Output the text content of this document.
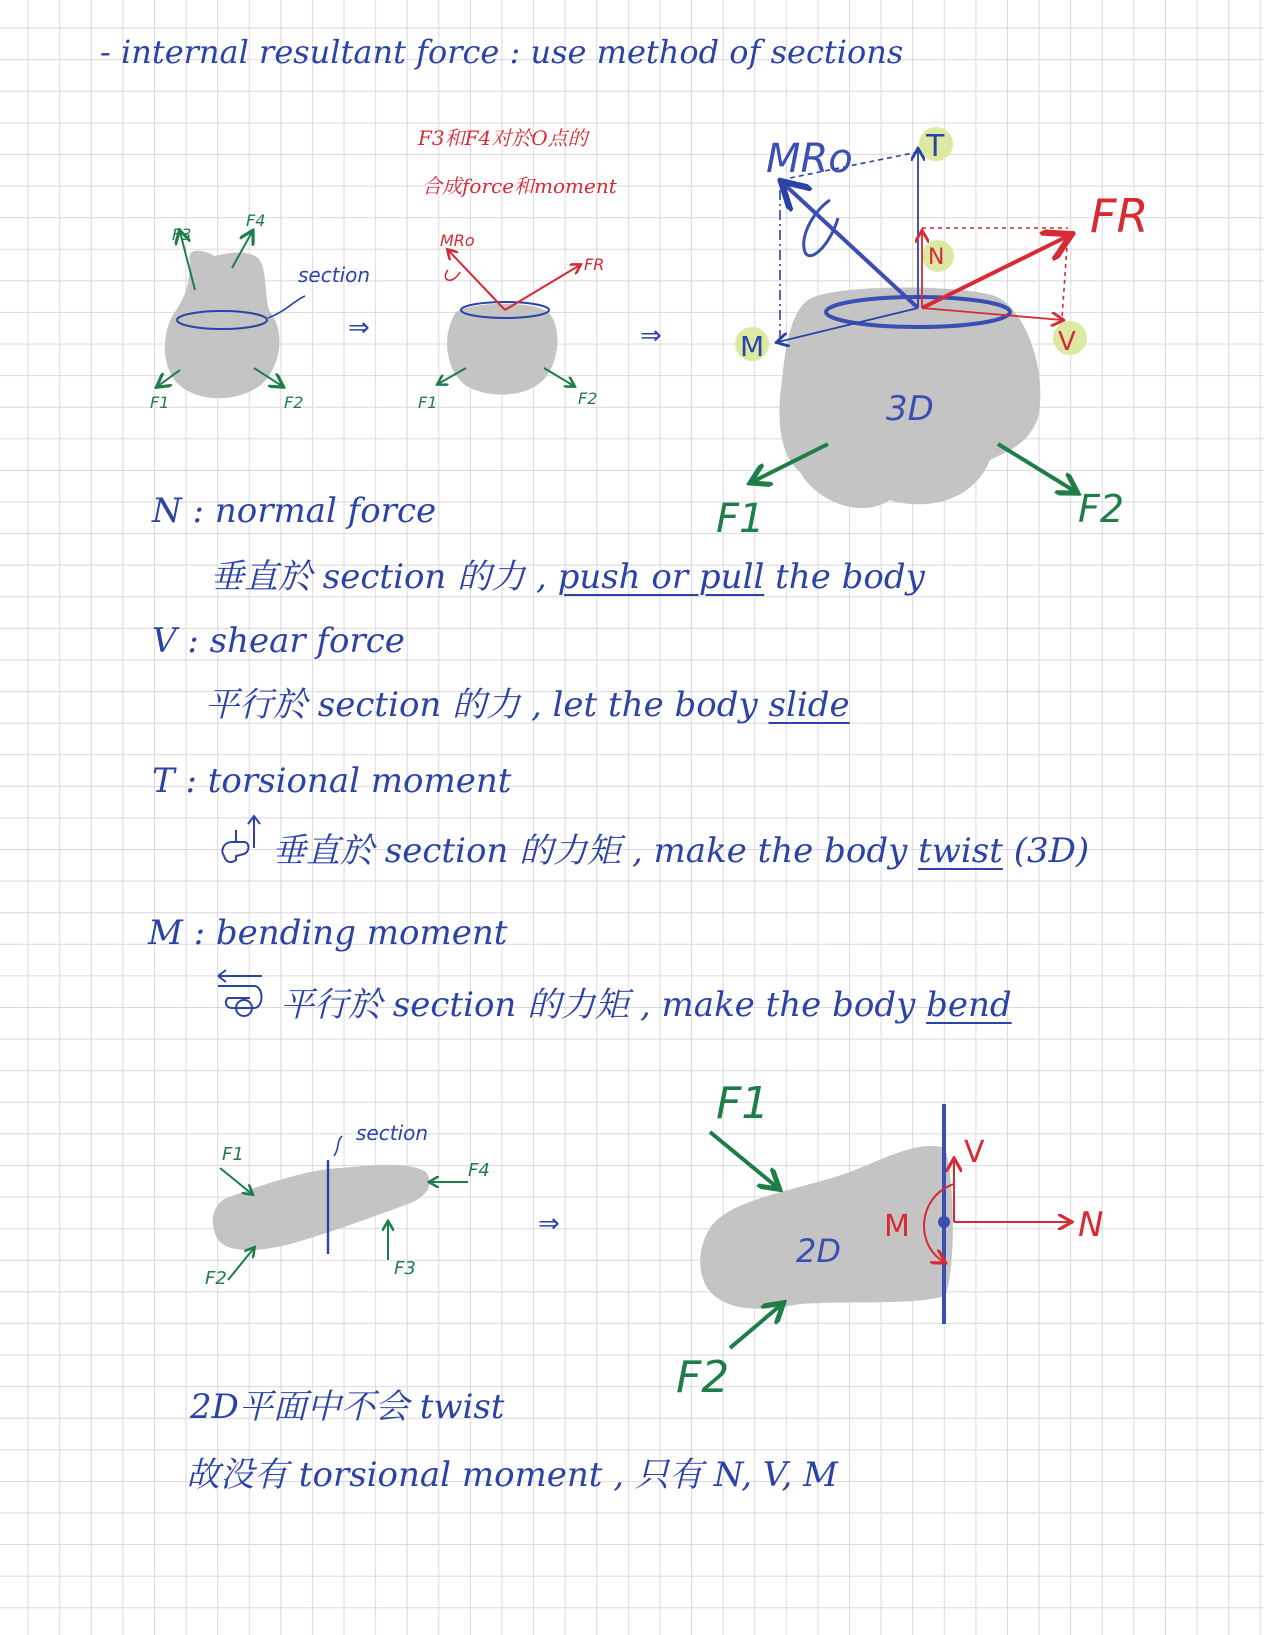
- internal resultant force : use method of sections
F3
F4
F1	F2
section
⇒
MRo
FR
F1	F2
⇒
MRo T
N
M	V
FR
3D
F1	F2
F3和F4对於O点的
合成force和moment
N : normal force
垂直於 section 的力 , push or pull the body
V : shear force
平行於 section 的力 , let the body slide
T : torsional moment
垂直於 section 的力矩 , make the body twist (3D)
M : bending moment
平行於 section 的力矩 , make the body bend
F1
F2	F3
F4
section
⇒
F1
F2
2D
V
M	N
2D平面中不会 twist
故没有 torsional moment , 只有 N, V, M
